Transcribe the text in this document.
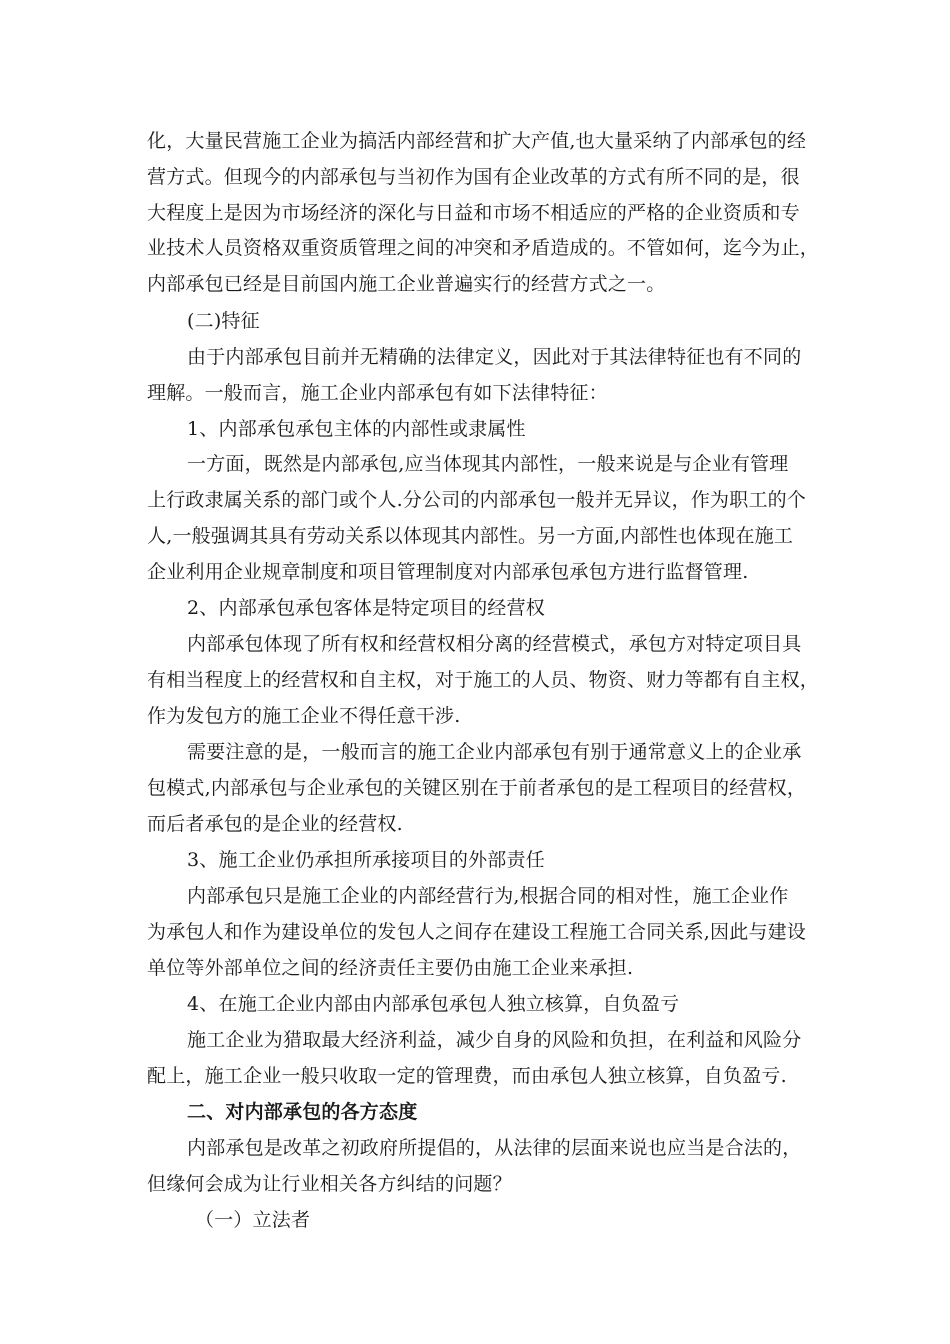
化，大量民营施工企业为搞活内部经营和扩大产值,也大量采纳了内部承包的经
营方式。但现今的内部承包与当初作为国有企业改革的方式有所不同的是，很
大程度上是因为市场经济的深化与日益和市场不相适应的严格的企业资质和专
业技术人员资格双重资质管理之间的冲突和矛盾造成的。不管如何，迄今为止，
内部承包已经是目前国内施工企业普遍实行的经营方式之一。
(二)特征
由于内部承包目前并无精确的法律定义，因此对于其法律特征也有不同的
理解。一般而言，施工企业内部承包有如下法律特征：
1、内部承包承包主体的内部性或隶属性
一方面，既然是内部承包,应当体现其内部性，一般来说是与企业有管理
上行政隶属关系的部门或个人.分公司的内部承包一般并无异议，作为职工的个
人,一般强调其具有劳动关系以体现其内部性。另一方面,内部性也体现在施工
企业利用企业规章制度和项目管理制度对内部承包承包方进行监督管理.
2、内部承包承包客体是特定项目的经营权
内部承包体现了所有权和经营权相分离的经营模式，承包方对特定项目具
有相当程度上的经营权和自主权，对于施工的人员、物资、财力等都有自主权，
作为发包方的施工企业不得任意干涉.
需要注意的是，一般而言的施工企业内部承包有别于通常意义上的企业承
包模式,内部承包与企业承包的关键区别在于前者承包的是工程项目的经营权，
而后者承包的是企业的经营权.
3、施工企业仍承担所承接项目的外部责任
内部承包只是施工企业的内部经营行为,根据合同的相对性，施工企业作
为承包人和作为建设单位的发包人之间存在建设工程施工合同关系,因此与建设
单位等外部单位之间的经济责任主要仍由施工企业来承担.
4、在施工企业内部由内部承包承包人独立核算，自负盈亏
施工企业为猎取最大经济利益，减少自身的风险和负担，在利益和风险分
配上，施工企业一般只收取一定的管理费，而由承包人独立核算，自负盈亏.
二、对内部承包的各方态度
内部承包是改革之初政府所提倡的，从法律的层面来说也应当是合法的，
但缘何会成为让行业相关各方纠结的问题？
（一）立法者
